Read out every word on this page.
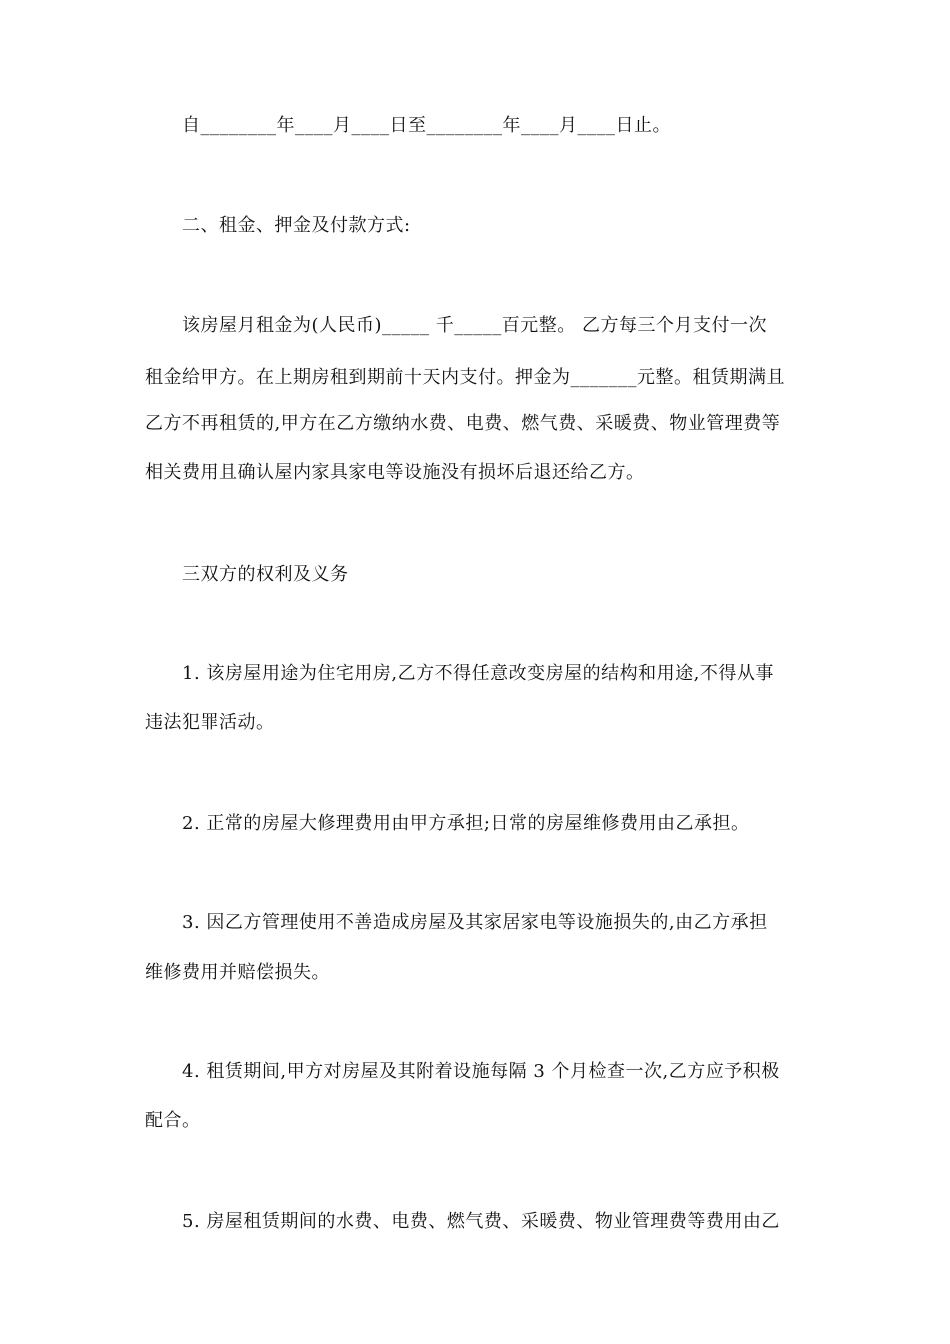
自________年____月____日至________年____月____日止。
二、租金、押金及付款方式:
该房屋月租金为(人民币)_____ 千_____百元整。 乙方每三个月支付一次
租金给甲方。在上期房租到期前十天内支付。押金为_______元整。租赁期满且
乙方不再租赁的,甲方在乙方缴纳水费、电费、燃气费、采暖费、物业管理费等
相关费用且确认屋内家具家电等设施没有损坏后退还给乙方。
三双方的权利及义务
1. 该房屋用途为住宅用房,乙方不得任意改变房屋的结构和用途,不得从事
违法犯罪活动。
2. 正常的房屋大修理费用由甲方承担;日常的房屋维修费用由乙承担。
3. 因乙方管理使用不善造成房屋及其家居家电等设施损失的,由乙方承担
维修费用并赔偿损失。
4. 租赁期间,甲方对房屋及其附着设施每隔 3 个月检查一次,乙方应予积极
配合。
5. 房屋租赁期间的水费、电费、燃气费、采暖费、物业管理费等费用由乙
